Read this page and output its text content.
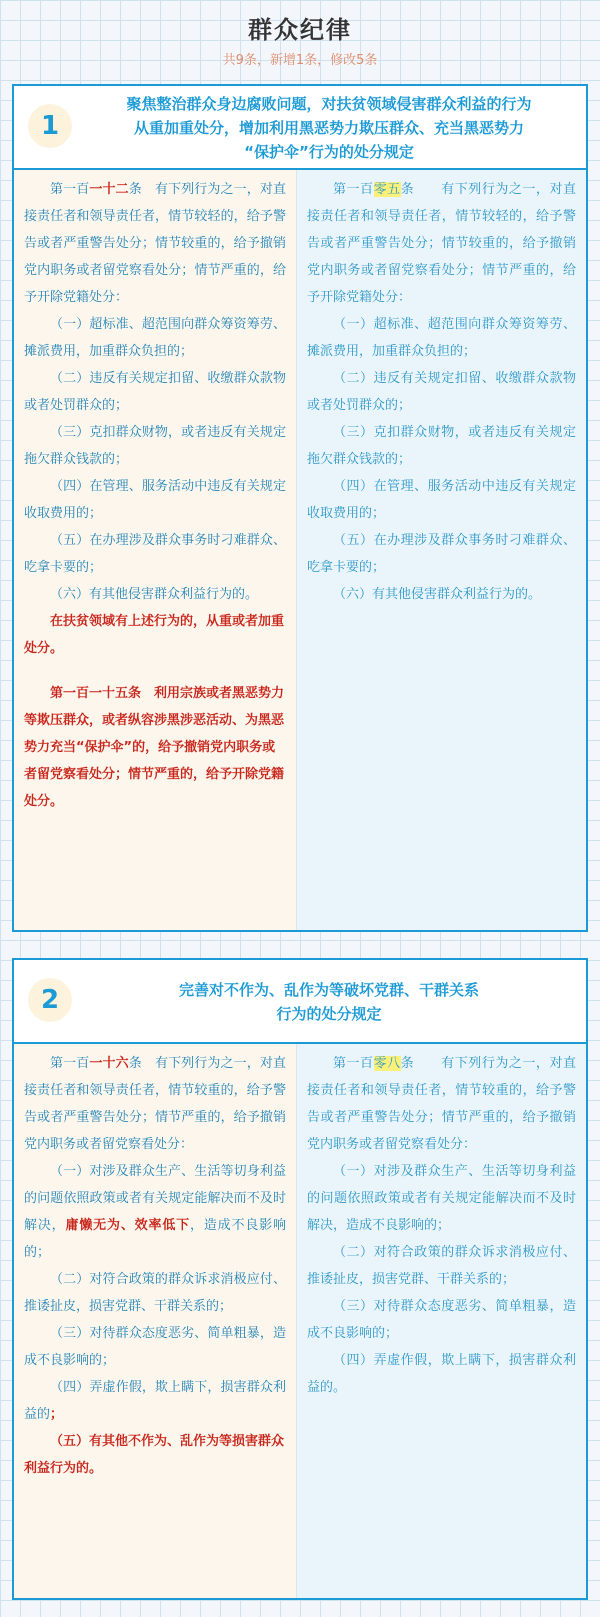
群众纪律
共9条，新增1条，修改5条
1
聚焦整治群众身边腐败问题，对扶贫领域侵害群众利益的行为
从重加重处分，增加利用黑恶势力欺压群众、充当黑恶势力
“保护伞”行为的处分规定

第一百一十二条　有下列行为之一，对直接责任者和领导责任者，情节较轻的，给予警告或者严重警告处分；情节较重的，给予撤销党内职务或者留党察看处分；情节严重的，给予开除党籍处分：

（一）超标准、超范围向群众筹资筹劳、摊派费用，加重群众负担的；

（二）违反有关规定扣留、收缴群众款物或者处罚群众的；

（三）克扣群众财物，或者违反有关规定拖欠群众钱款的；

（四）在管理、服务活动中违反有关规定收取费用的；

（五）在办理涉及群众事务时刁难群众、吃拿卡要的；

（六）有其他侵害群众利益行为的。

在扶贫领域有上述行为的，从重或者加重处分。

第一百一十五条　利用宗族或者黑恶势力等欺压群众，或者纵容涉黑涉恶活动、为黑恶势力充当“保护伞”的，给予撤销党内职务或者留党察看处分；情节严重的，给予开除党籍处分。

第一百零五条　　有下列行为之一，对直接责任者和领导责任者，情节较轻的，给予警告或者严重警告处分；情节较重的，给予撤销党内职务或者留党察看处分；情节严重的，给予开除党籍处分：

（一）超标准、超范围向群众筹资筹劳、摊派费用，加重群众负担的；

（二）违反有关规定扣留、收缴群众款物或者处罚群众的；

（三）克扣群众财物，或者违反有关规定拖欠群众钱款的；

（四）在管理、服务活动中违反有关规定收取费用的；

（五）在办理涉及群众事务时刁难群众、吃拿卡要的；

（六）有其他侵害群众利益行为的。

2	完善对不作为、乱作为等破坏党群、干群关系
行为的处分规定

第一百一十六条　有下列行为之一，对直接责任者和领导责任者，情节较重的，给予警告或者严重警告处分；情节严重的，给予撤销党内职务或者留党察看处分：

（一）对涉及群众生产、生活等切身利益的问题依照政策或者有关规定能解决而不及时解决，庸懒无为、效率低下，造成不良影响的；

（二）对符合政策的群众诉求消极应付、推诿扯皮，损害党群、干群关系的；

（三）对待群众态度恶劣、简单粗暴，造成不良影响的；

（四）弄虚作假，欺上瞒下，损害群众利益的；

（五）有其他不作为、乱作为等损害群众利益行为的。

第一百零八条　　有下列行为之一，对直接责任者和领导责任者，情节较重的，给予警告或者严重警告处分；情节严重的，给予撤销党内职务或者留党察看处分：

（一）对涉及群众生产、生活等切身利益的问题依照政策或者有关规定能解决而不及时解决，造成不良影响的；

（二）对符合政策的群众诉求消极应付、推诿扯皮，损害党群、干群关系的；

（三）对待群众态度恶劣、简单粗暴，造成不良影响的；

（四）弄虚作假，欺上瞒下，损害群众利益的。
